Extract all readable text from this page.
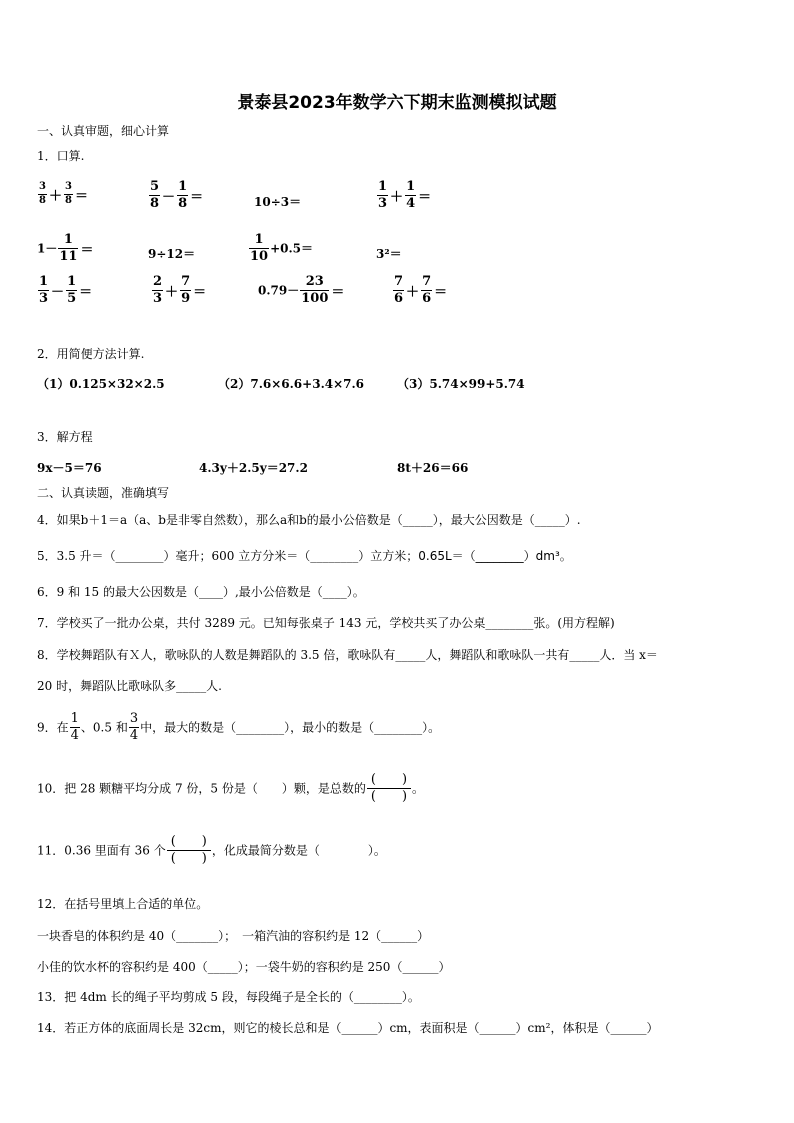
景泰县2023年数学六下期末监测模拟试题
一、认真审题，细心计算
1．口算.
$\frac{3}{8} + \frac{3}{8}$ ＝	$\frac{5}{8} - \frac{1}{8}$ ＝	10÷3＝	$\frac{1}{3} + \frac{1}{4}$ ＝
$1- \frac{1}{11}$ ＝	9÷12＝	$\frac{1}{10} +0.5=$	3²＝
$\frac{1}{3} - \frac{1}{5}$ ＝	$\frac{2}{3} + \frac{7}{9}$ ＝	$0.79- \frac{23}{100}$ ＝	$\frac{7}{6} + \frac{7}{6}$ ＝
2．用简便方法计算.
（1）0.125×32×2.5	（2）7.6×6.6+3.4×7.6	（3）5.74×99+5.74
3．解方程
9x－5＝76	4.3y＋2.5y＝27.2	8t＋26＝66
二、认真读题，准确填写
4．如果b＋1＝a（a、b是非零自然数），那么a和b的最小公倍数是（_____），最大公因数是（_____）.
5．3.5 升＝（________）毫升；600 立方分米＝（________）立方米；0.65L＝（________）dm³。
6．9 和 15 的最大公因数是（____）,最小公倍数是（____）。
7．学校买了一批办公桌，共付 3289 元。已知每张桌子 143 元，学校共买了办公桌________张。(用方程解)
8．学校舞蹈队有Ｘ人，歌咏队的人数是舞蹈队的 3.5 倍，歌咏队有_____人，舞蹈队和歌咏队一共有_____人．当 x＝
20 时，舞蹈队比歌咏队多_____人.
9．在 $\frac{1}{4}$ 、0.5 和 $\frac{3}{4}$ 中，最大的数是（________），最小的数是（________）。
10．把 28 颗糖平均分成 7 份，5 份是（　　）颗，是总数的 $\frac{( )}{( )}$ 。
11．0.36 里面有 36 个 $\frac{( )}{( )}$ ，化成最简分数是（　　　　）。
12．在括号里填上合适的单位。
一块香皂的体积约是 40（_______）；　一箱汽油的容积约是 12（______）
小佳的饮水杯的容积约是 400（_____）；一袋牛奶的容积约是 250（______）
13．把 4dm 长的绳子平均剪成 5 段，每段绳子是全长的（________）。
14．若正方体的底面周长是 32cm，则它的棱长总和是（______）cm，表面积是（______）cm²，体积是（______）
